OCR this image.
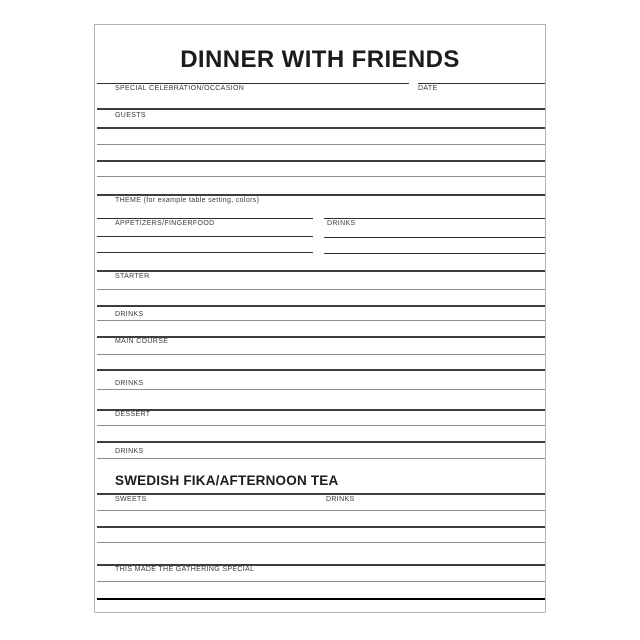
DINNER WITH FRIENDS
SPECIAL CELEBRATION/OCCASION	DATE
GUESTS
THEME (for example table setting, colors)
APPETIZERS/FINGERFOOD	DRINKS
STARTER
DRINKS
MAIN COURSE
DRINKS
DESSERT
DRINKS
SWEDISH FIKA/AFTERNOON TEA
SWEETS	DRINKS
THIS MADE THE GATHERING SPECIAL
